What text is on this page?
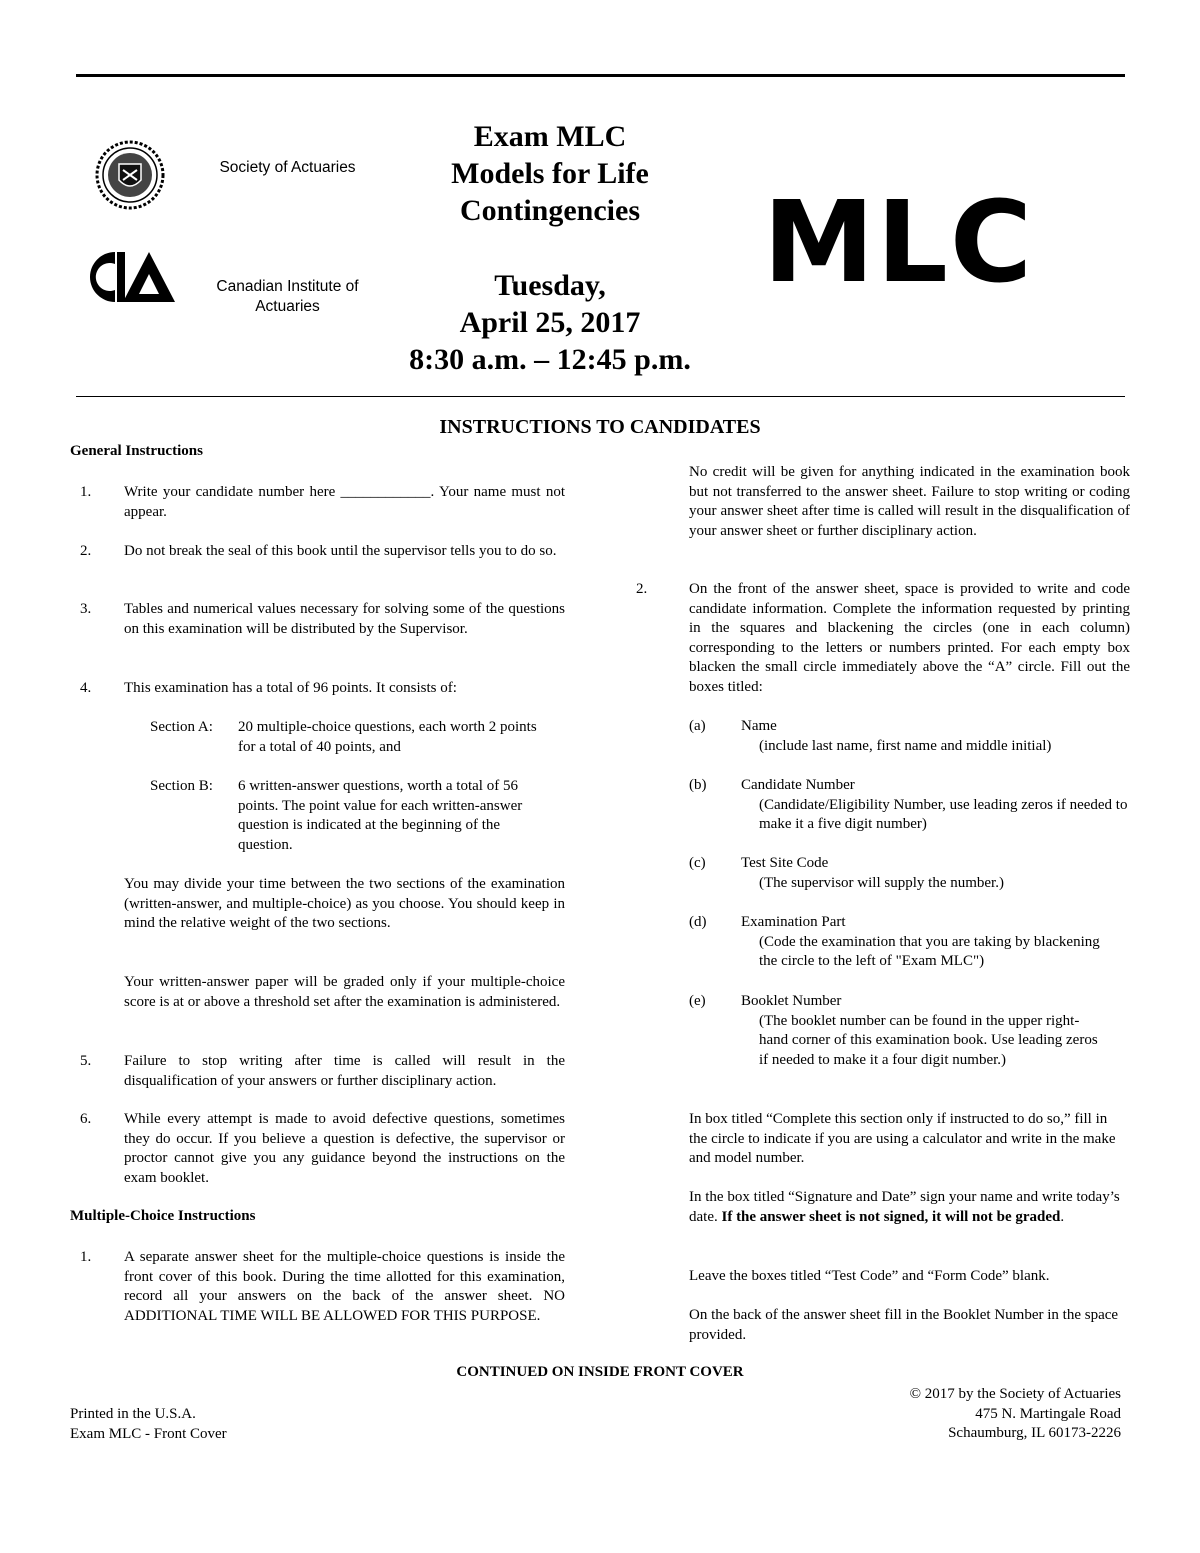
Society of Actuaries
Canadian Institute of
Actuaries
Exam MLC
Models for Life
Contingencies
Tuesday,
April 25, 2017
8:30 a.m. – 12:45 p.m.
MLC
INSTRUCTIONS TO CANDIDATES
General Instructions
1. Write your candidate number here ____________. Your name must not appear.

2. Do not break the seal of this book until the supervisor tells you to do so.

3. Tables and numerical values necessary for solving some of the questions on this examination will be distributed by the Supervisor.

4. This examination has a total of 96 points. It consists of:

Section A: 20 multiple-choice questions, each worth 2 points for a total of 40 points, and

Section B: 6 written-answer questions, worth a total of 56 points. The point value for each written-answer question is indicated at the beginning of the question.

You may divide your time between the two sections of the examination (written-answer, and multiple-choice) as you choose. You should keep in mind the relative weight of the two sections.

Your written-answer paper will be graded only if your multiple-choice score is at or above a threshold set after the examination is administered.

5. Failure to stop writing after time is called will result in the disqualification of your answers or further disciplinary action.

6. While every attempt is made to avoid defective questions, sometimes they do occur. If you believe a question is defective, the supervisor or proctor cannot give you any guidance beyond the instructions on the exam booklet.

Multiple-Choice Instructions
1. A separate answer sheet for the multiple-choice questions is inside the front cover of this book. During the time allotted for this examination, record all your answers on the back of the answer sheet. NO ADDITIONAL TIME WILL BE ALLOWED FOR THIS PURPOSE.

No credit will be given for anything indicated in the examination book but not transferred to the answer sheet. Failure to stop writing or coding your answer sheet after time is called will result in the disqualification of your answer sheet or further disciplinary action.

2.	On the front of the answer sheet, space is provided to write and code candidate information. Complete the information requested by printing in the squares and blackening the circles (one in each column) corresponding to the letters or numbers printed. For each empty box blacken the small circle immediately above the “A” circle. Fill out the boxes titled:

(a) Name
(include last name, first name and middle initial)
(b) Candidate Number
(Candidate/Eligibility Number, use leading zeros if needed to make it a five digit number)
(c) Test Site Code
(The supervisor will supply the number.)
(d) Examination Part
(Code the examination that you are taking by blackening the circle to the left of "Exam MLC")
(e) Booklet Number
(The booklet number can be found in the upper right-hand corner of this examination book. Use leading zeros if needed to make it a four digit number.)

In box titled “Complete this section only if instructed to do so,” fill in the circle to indicate if you are using a calculator and write in the make and model number.

In the box titled “Signature and Date” sign your name and write today’s date. If the answer sheet is not signed, it will not be graded.

Leave the boxes titled “Test Code” and “Form Code” blank.

On the back of the answer sheet fill in the Booklet Number in the space provided.

CONTINUED ON INSIDE FRONT COVER
Printed in the U.S.A.
Exam MLC - Front Cover
© 2017 by the Society of Actuaries
475 N. Martingale Road
Schaumburg, IL 60173-2226
